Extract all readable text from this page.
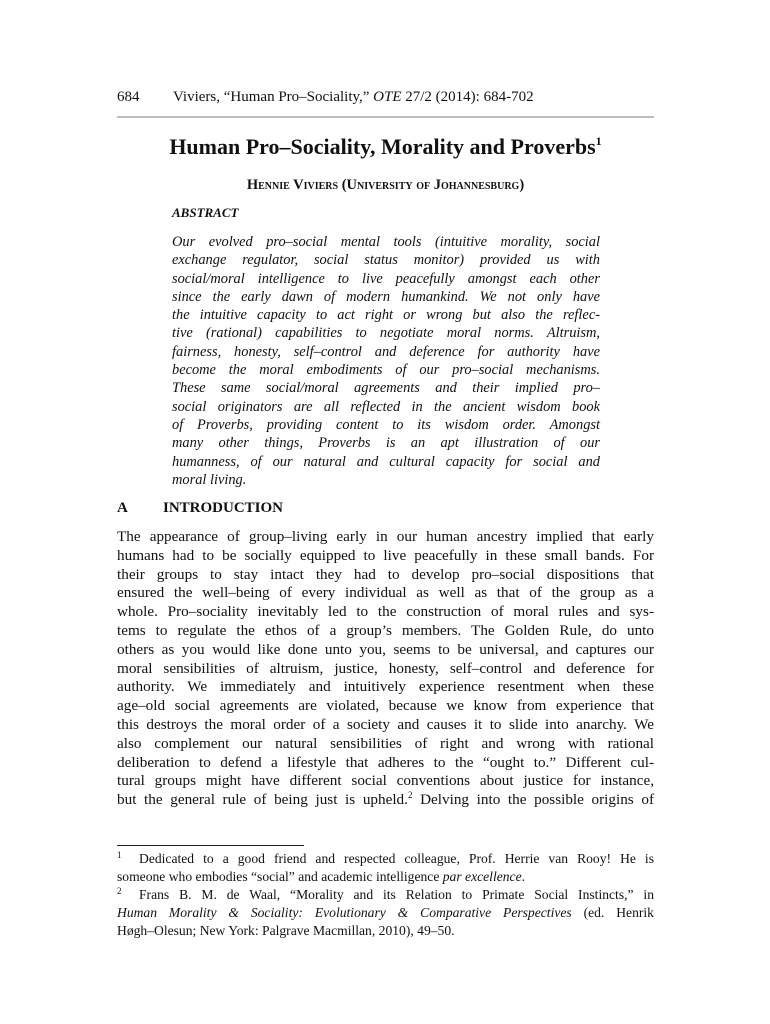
684 Viviers, “Human Pro–Sociality,” OTE 27/2 (2014): 684-702
Human Pro–Sociality, Morality and Proverbs$^1$
Hennie Viviers (University of Johannesburg)
ABSTRACT
Our evolved pro–social mental tools (intuitive morality, social
exchange regulator, social status monitor) provided us with
social/moral intelligence to live peacefully amongst each other
since the early dawn of modern humankind. We not only have
the intuitive capacity to act right or wrong but also the reflec-
tive (rational) capabilities to negotiate moral norms. Altruism,
fairness, honesty, self–control and deference for authority have
become the moral embodiments of our pro–social mechanisms.
These same social/moral agreements and their implied pro–
social originators are all reflected in the ancient wisdom book
of Proverbs, providing content to its wisdom order. Amongst
many other things, Proverbs is an apt illustration of our
humanness, of our natural and cultural capacity for social and
moral living.
A INTRODUCTION
The appearance of group–living early in our human ancestry implied that early
humans had to be socially equipped to live peacefully in these small bands. For
their groups to stay intact they had to develop pro–social dispositions that
ensured the well–being of every individual as well as that of the group as a
whole. Pro–sociality inevitably led to the construction of moral rules and sys-
tems to regulate the ethos of a group’s members. The Golden Rule, do unto
others as you would like done unto you, seems to be universal, and captures our
moral sensibilities of altruism, justice, honesty, self–control and deference for
authority. We immediately and intuitively experience resentment when these
age–old social agreements are violated, because we know from experience that
this destroys the moral order of a society and causes it to slide into anarchy. We
also complement our natural sensibilities of right and wrong with rational
deliberation to defend a lifestyle that adheres to the “ought to.” Different cul-
tural groups might have different social conventions about justice for instance,
but the general rule of being just is upheld.$^2$ Delving into the possible origins of
1 Dedicated to a good friend and respected colleague, Prof. Herrie van Rooy! He is
someone who embodies “social” and academic intelligence par excellence.
2 Frans B. M. de Waal, “Morality and its Relation to Primate Social Instincts,” in
Human Morality & Sociality: Evolutionary & Comparative Perspectives (ed. Henrik
Høgh–Olesun; New York: Palgrave Macmillan, 2010), 49–50.
